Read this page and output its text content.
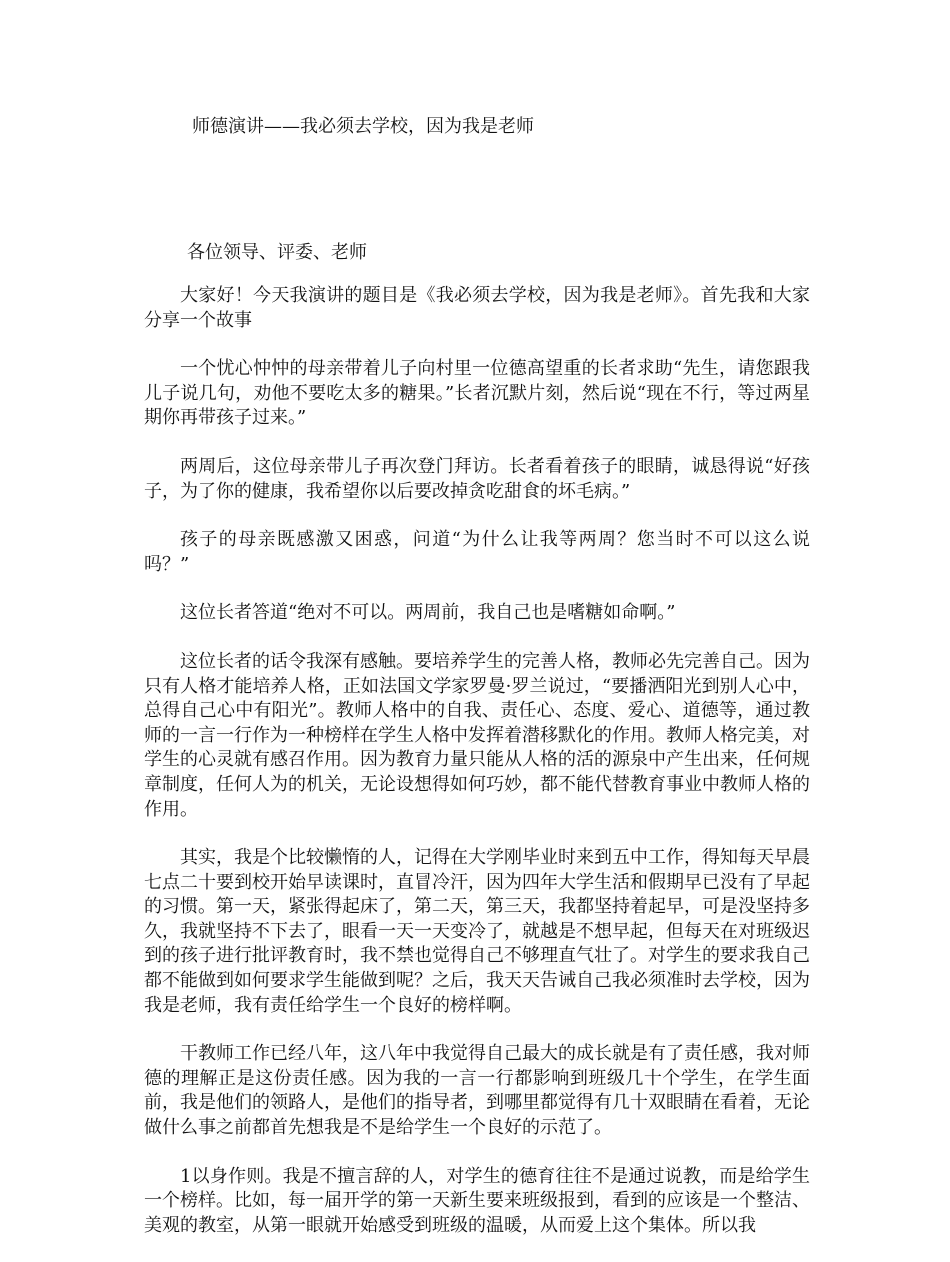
师德演讲——我必须去学校，因为我是老师

各位领导、评委、老师

大家好！今天我演讲的题目是《我必须去学校，因为我是老师》。首先我和大家分享一个故事

一个忧心忡忡的母亲带着儿子向村里一位德高望重的长者求助“先生，请您跟我儿子说几句，劝他不要吃太多的糖果。”长者沉默片刻，然后说“现在不行，等过两星期你再带孩子过来。”

两周后，这位母亲带儿子再次登门拜访。长者看着孩子的眼睛，诚恳得说“好孩子，为了你的健康，我希望你以后要改掉贪吃甜食的坏毛病。”

孩子的母亲既感激又困惑，问道“为什么让我等两周？您当时不可以这么说吗？”

这位长者答道“绝对不可以。两周前，我自己也是嗜糖如命啊。”

这位长者的话令我深有感触。要培养学生的完善人格，教师必先完善自己。因为只有人格才能培养人格，正如法国文学家罗曼·罗兰说过，“要播洒阳光到别人心中，总得自己心中有阳光”。教师人格中的自我、责任心、态度、爱心、道德等，通过教师的一言一行作为一种榜样在学生人格中发挥着潜移默化的作用。教师人格完美，对学生的心灵就有感召作用。因为教育力量只能从人格的活的源泉中产生出来，任何规章制度，任何人为的机关，无论设想得如何巧妙，都不能代替教育事业中教师人格的作用。

其实，我是个比较懒惰的人，记得在大学刚毕业时来到五中工作，得知每天早晨七点二十要到校开始早读课时，直冒冷汗，因为四年大学生活和假期早已没有了早起的习惯。第一天，紧张得起床了，第二天，第三天，我都坚持着起早，可是没坚持多久，我就坚持不下去了，眼看一天一天变冷了，就越是不想早起，但每天在对班级迟到的孩子进行批评教育时，我不禁也觉得自己不够理直气壮了。对学生的要求我自己都不能做到如何要求学生能做到呢？之后，我天天告诫自己我必须准时去学校，因为我是老师，我有责任给学生一个良好的榜样啊。

干教师工作已经八年，这八年中我觉得自己最大的成长就是有了责任感，我对师德的理解正是这份责任感。因为我的一言一行都影响到班级几十个学生，在学生面前，我是他们的领路人，是他们的指导者，到哪里都觉得有几十双眼睛在看着，无论做什么事之前都首先想我是不是给学生一个良好的示范了。

1以身作则。我是不擅言辞的人，对学生的德育往往不是通过说教，而是给学生一个榜样。比如，每一届开学的第一天新生要来班级报到，看到的应该是一个整洁、美观的教室，从第一眼就开始感受到班级的温暖，从而爱上这个集体。所以我
